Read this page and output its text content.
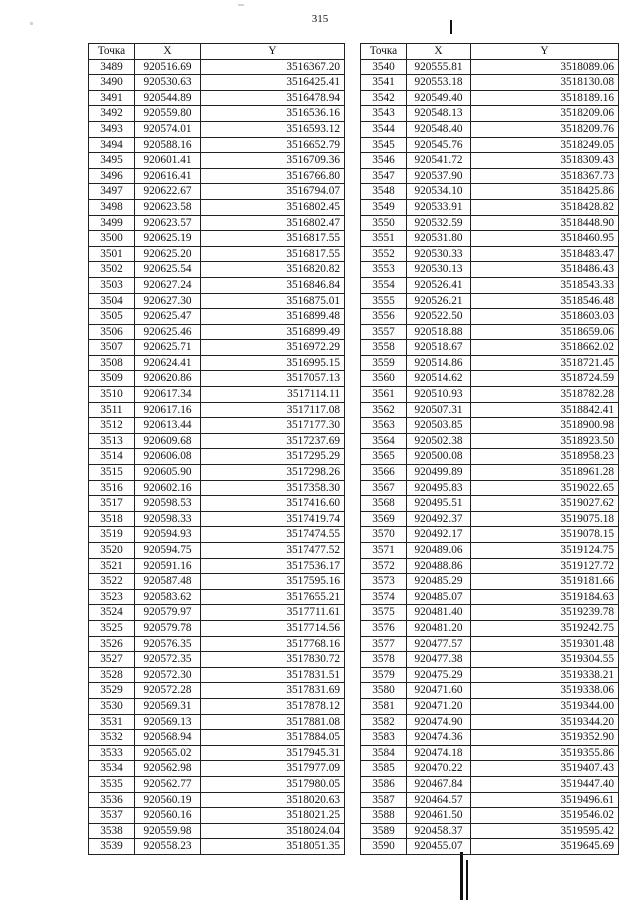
315
Точка	X	Y
3489	920516.69	3516367.20
3490	920530.63	3516425.41
3491	920544.89	3516478.94
3492	920559.80	3516536.16
3493	920574.01	3516593.12
3494	920588.16	3516652.79
3495	920601.41	3516709.36
3496	920616.41	3516766.80
3497	920622.67	3516794.07
3498	920623.58	3516802.45
3499	920623.57	3516802.47
3500	920625.19	3516817.55
3501	920625.20	3516817.55
3502	920625.54	3516820.82
3503	920627.24	3516846.84
3504	920627.30	3516875.01
3505	920625.47	3516899.48
3506	920625.46	3516899.49
3507	920625.71	3516972.29
3508	920624.41	3516995.15
3509	920620.86	3517057.13
3510	920617.34	3517114.11
3511	920617.16	3517117.08
3512	920613.44	3517177.30
3513	920609.68	3517237.69
3514	920606.08	3517295.29
3515	920605.90	3517298.26
3516	920602.16	3517358.30
3517	920598.53	3517416.60
3518	920598.33	3517419.74
3519	920594.93	3517474.55
3520	920594.75	3517477.52
3521	920591.16	3517536.17
3522	920587.48	3517595.16
3523	920583.62	3517655.21
3524	920579.97	3517711.61
3525	920579.78	3517714.56
3526	920576.35	3517768.16
3527	920572.35	3517830.72
3528	920572.30	3517831.51
3529	920572.28	3517831.69
3530	920569.31	3517878.12
3531	920569.13	3517881.08
3532	920568.94	3517884.05
3533	920565.02	3517945.31
3534	920562.98	3517977.09
3535	920562.77	3517980.05
3536	920560.19	3518020.63
3537	920560.16	3518021.25
3538	920559.98	3518024.04
3539	920558.23	3518051.35
Точка	X	Y
3540	920555.81	3518089.06
3541	920553.18	3518130.08
3542	920549.40	3518189.16
3543	920548.13	3518209.06
3544	920548.40	3518209.76
3545	920545.76	3518249.05
3546	920541.72	3518309.43
3547	920537.90	3518367.73
3548	920534.10	3518425.86
3549	920533.91	3518428.82
3550	920532.59	3518448.90
3551	920531.80	3518460.95
3552	920530.33	3518483.47
3553	920530.13	3518486.43
3554	920526.41	3518543.33
3555	920526.21	3518546.48
3556	920522.50	3518603.03
3557	920518.88	3518659.06
3558	920518.67	3518662.02
3559	920514.86	3518721.45
3560	920514.62	3518724.59
3561	920510.93	3518782.28
3562	920507.31	3518842.41
3563	920503.85	3518900.98
3564	920502.38	3518923.50
3565	920500.08	3518958.23
3566	920499.89	3518961.28
3567	920495.83	3519022.65
3568	920495.51	3519027.62
3569	920492.37	3519075.18
3570	920492.17	3519078.15
3571	920489.06	3519124.75
3572	920488.86	3519127.72
3573	920485.29	3519181.66
3574	920485.07	3519184.63
3575	920481.40	3519239.78
3576	920481.20	3519242.75
3577	920477.57	3519301.48
3578	920477.38	3519304.55
3579	920475.29	3519338.21
3580	920471.60	3519338.06
3581	920471.20	3519344.00
3582	920474.90	3519344.20
3583	920474.36	3519352.90
3584	920474.18	3519355.86
3585	920470.22	3519407.43
3586	920467.84	3519447.40
3587	920464.57	3519496.61
3588	920461.50	3519546.02
3589	920458.37	3519595.42
3590	920455.07	3519645.69
